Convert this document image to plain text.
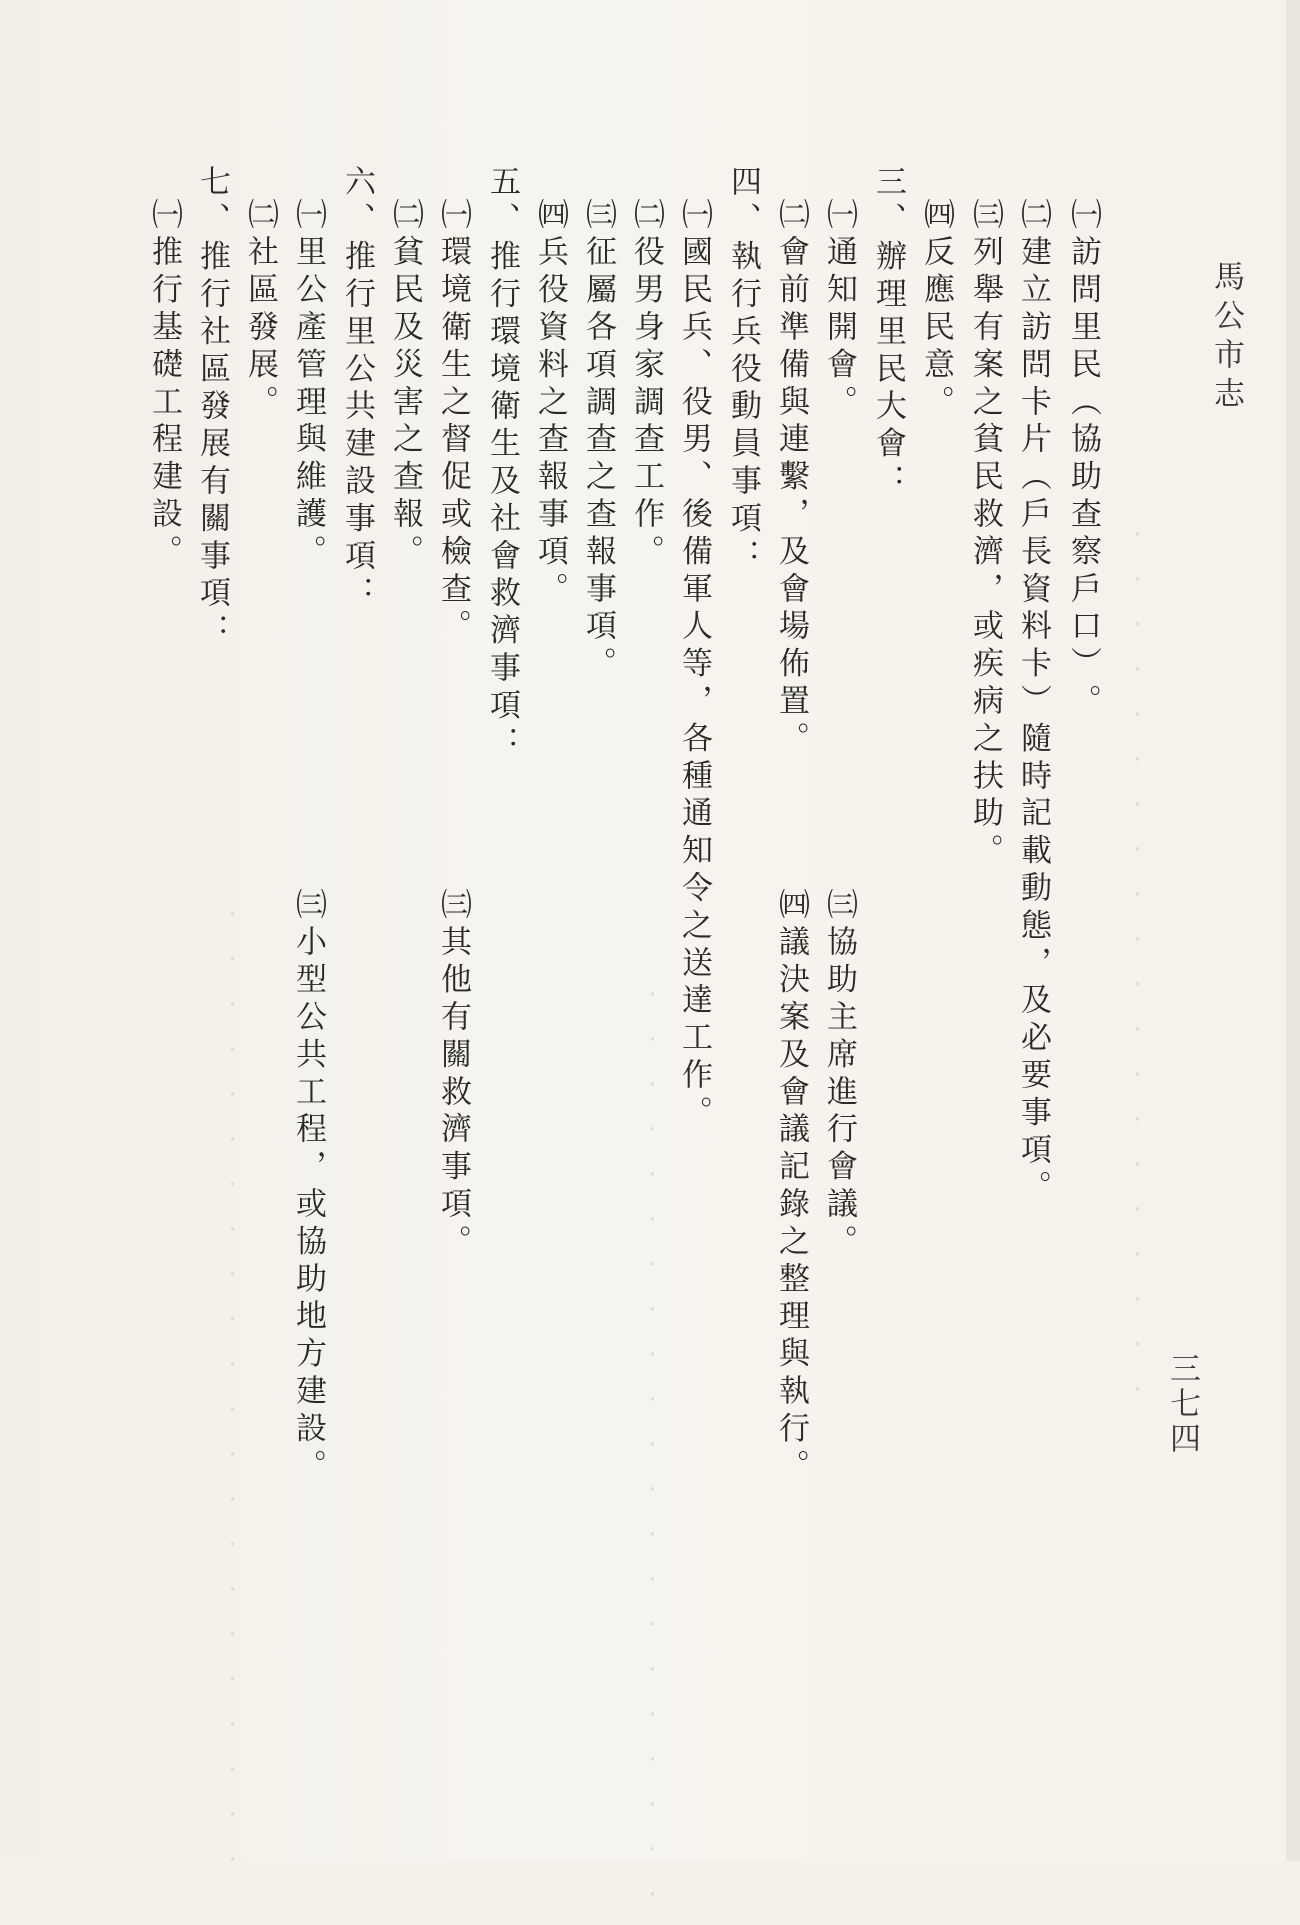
‧‧‧‧‧‧‧‧‧‧‧‧‧‧‧‧‧‧‧‧
‧‧‧‧‧‧‧‧‧‧‧‧‧‧‧‧‧‧‧‧‧
‧‧‧‧‧‧‧‧‧‧‧‧‧‧‧‧‧‧‧‧‧‧
馬公市志
三七四
㈠訪問里民︵協助查察戶口︶。
㈡建立訪問卡片︵戶長資料卡︶隨時記載動態，及必要事項。
㈢列舉有案之貧民救濟，或疾病之扶助。
㈣反應民意。
三、辦理里民大會：
㈠通知開會。
㈢協助主席進行會議。
㈡會前準備與連繫，及會場佈置。
㈣議決案及會議記錄之整理與執行。
四、執行兵役動員事項：
㈠國民兵、役男、後備軍人等，各種通知令之送達工作。
㈡役男身家調查工作。
㈢征屬各項調查之查報事項。
㈣兵役資料之查報事項。
五、推行環境衛生及社會救濟事項：
㈠環境衛生之督促或檢查。
㈢其他有關救濟事項。
㈡貧民及災害之查報。
六、推行里公共建設事項：
㈠里公產管理與維護。
㈢小型公共工程，或協助地方建設。
㈡社區發展。
七、推行社區發展有關事項：
㈠推行基礎工程建設。
